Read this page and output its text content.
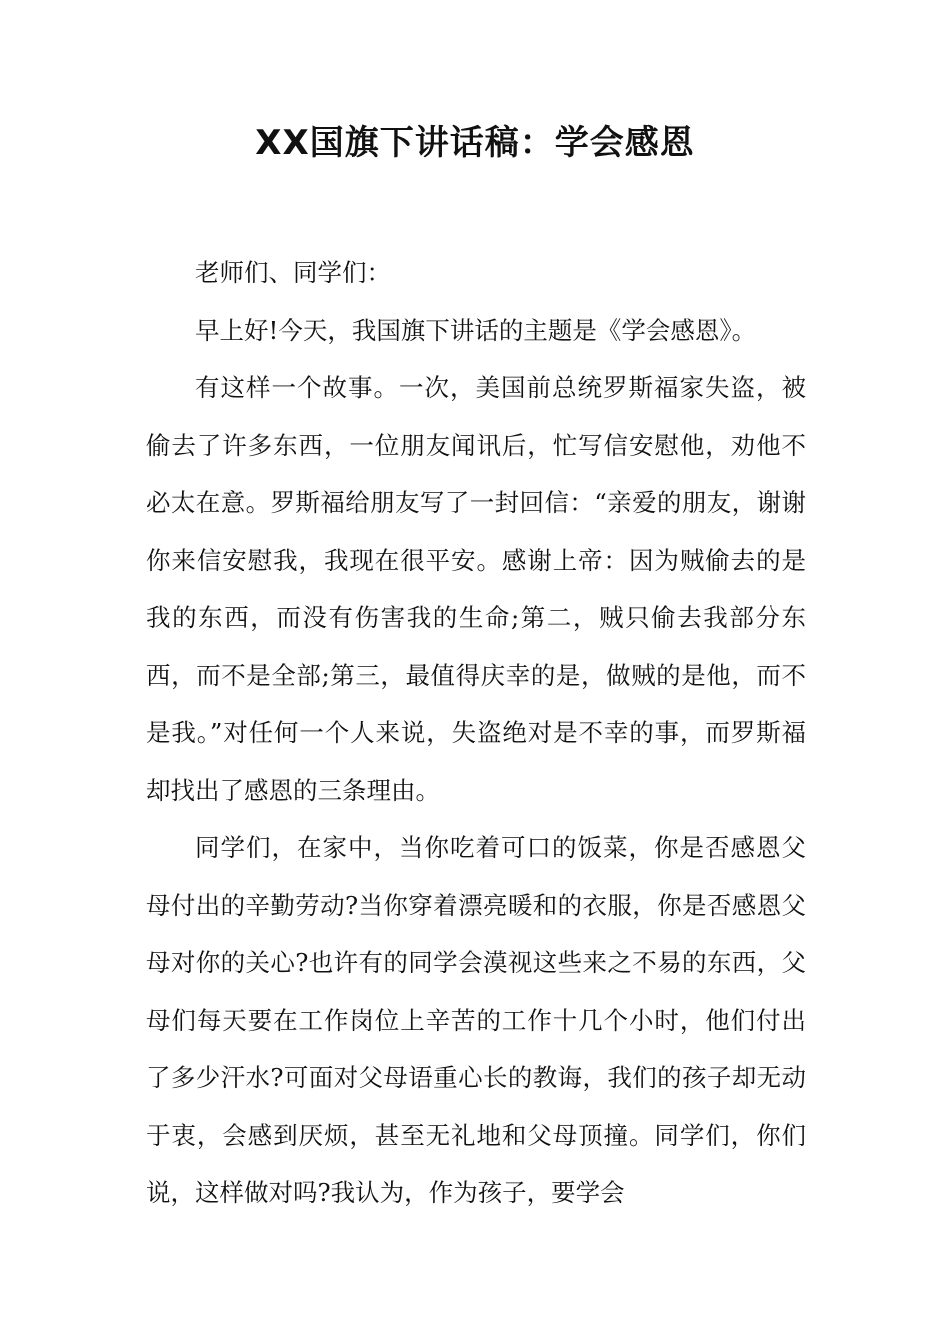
XX国旗下讲话稿：学会感恩

老师们、同学们：

早上好!今天，我国旗下讲话的主题是《学会感恩》。

有这样一个故事。一次，美国前总统罗斯福家失盗，被偷去了许多东西，一位朋友闻讯后，忙写信安慰他，劝他不必太在意。罗斯福给朋友写了一封回信：“亲爱的朋友，谢谢你来信安慰我，我现在很平安。感谢上帝：因为贼偷去的是我的东西，而没有伤害我的生命;第二，贼只偷去我部分东西，而不是全部;第三，最值得庆幸的是，做贼的是他，而不是我。”对任何一个人来说，失盗绝对是不幸的事，而罗斯福却找出了感恩的三条理由。

同学们，在家中，当你吃着可口的饭菜，你是否感恩父母付出的辛勤劳动?当你穿着漂亮暖和的衣服，你是否感恩父母对你的关心?也许有的同学会漠视这些来之不易的东西，父母们每天要在工作岗位上辛苦的工作十几个小时，他们付出了多少汗水?可面对父母语重心长的教诲，我们的孩子却无动于衷，会感到厌烦，甚至无礼地和父母顶撞。同学们，你们说，这样做对吗?我认为，作为孩子，要学会
